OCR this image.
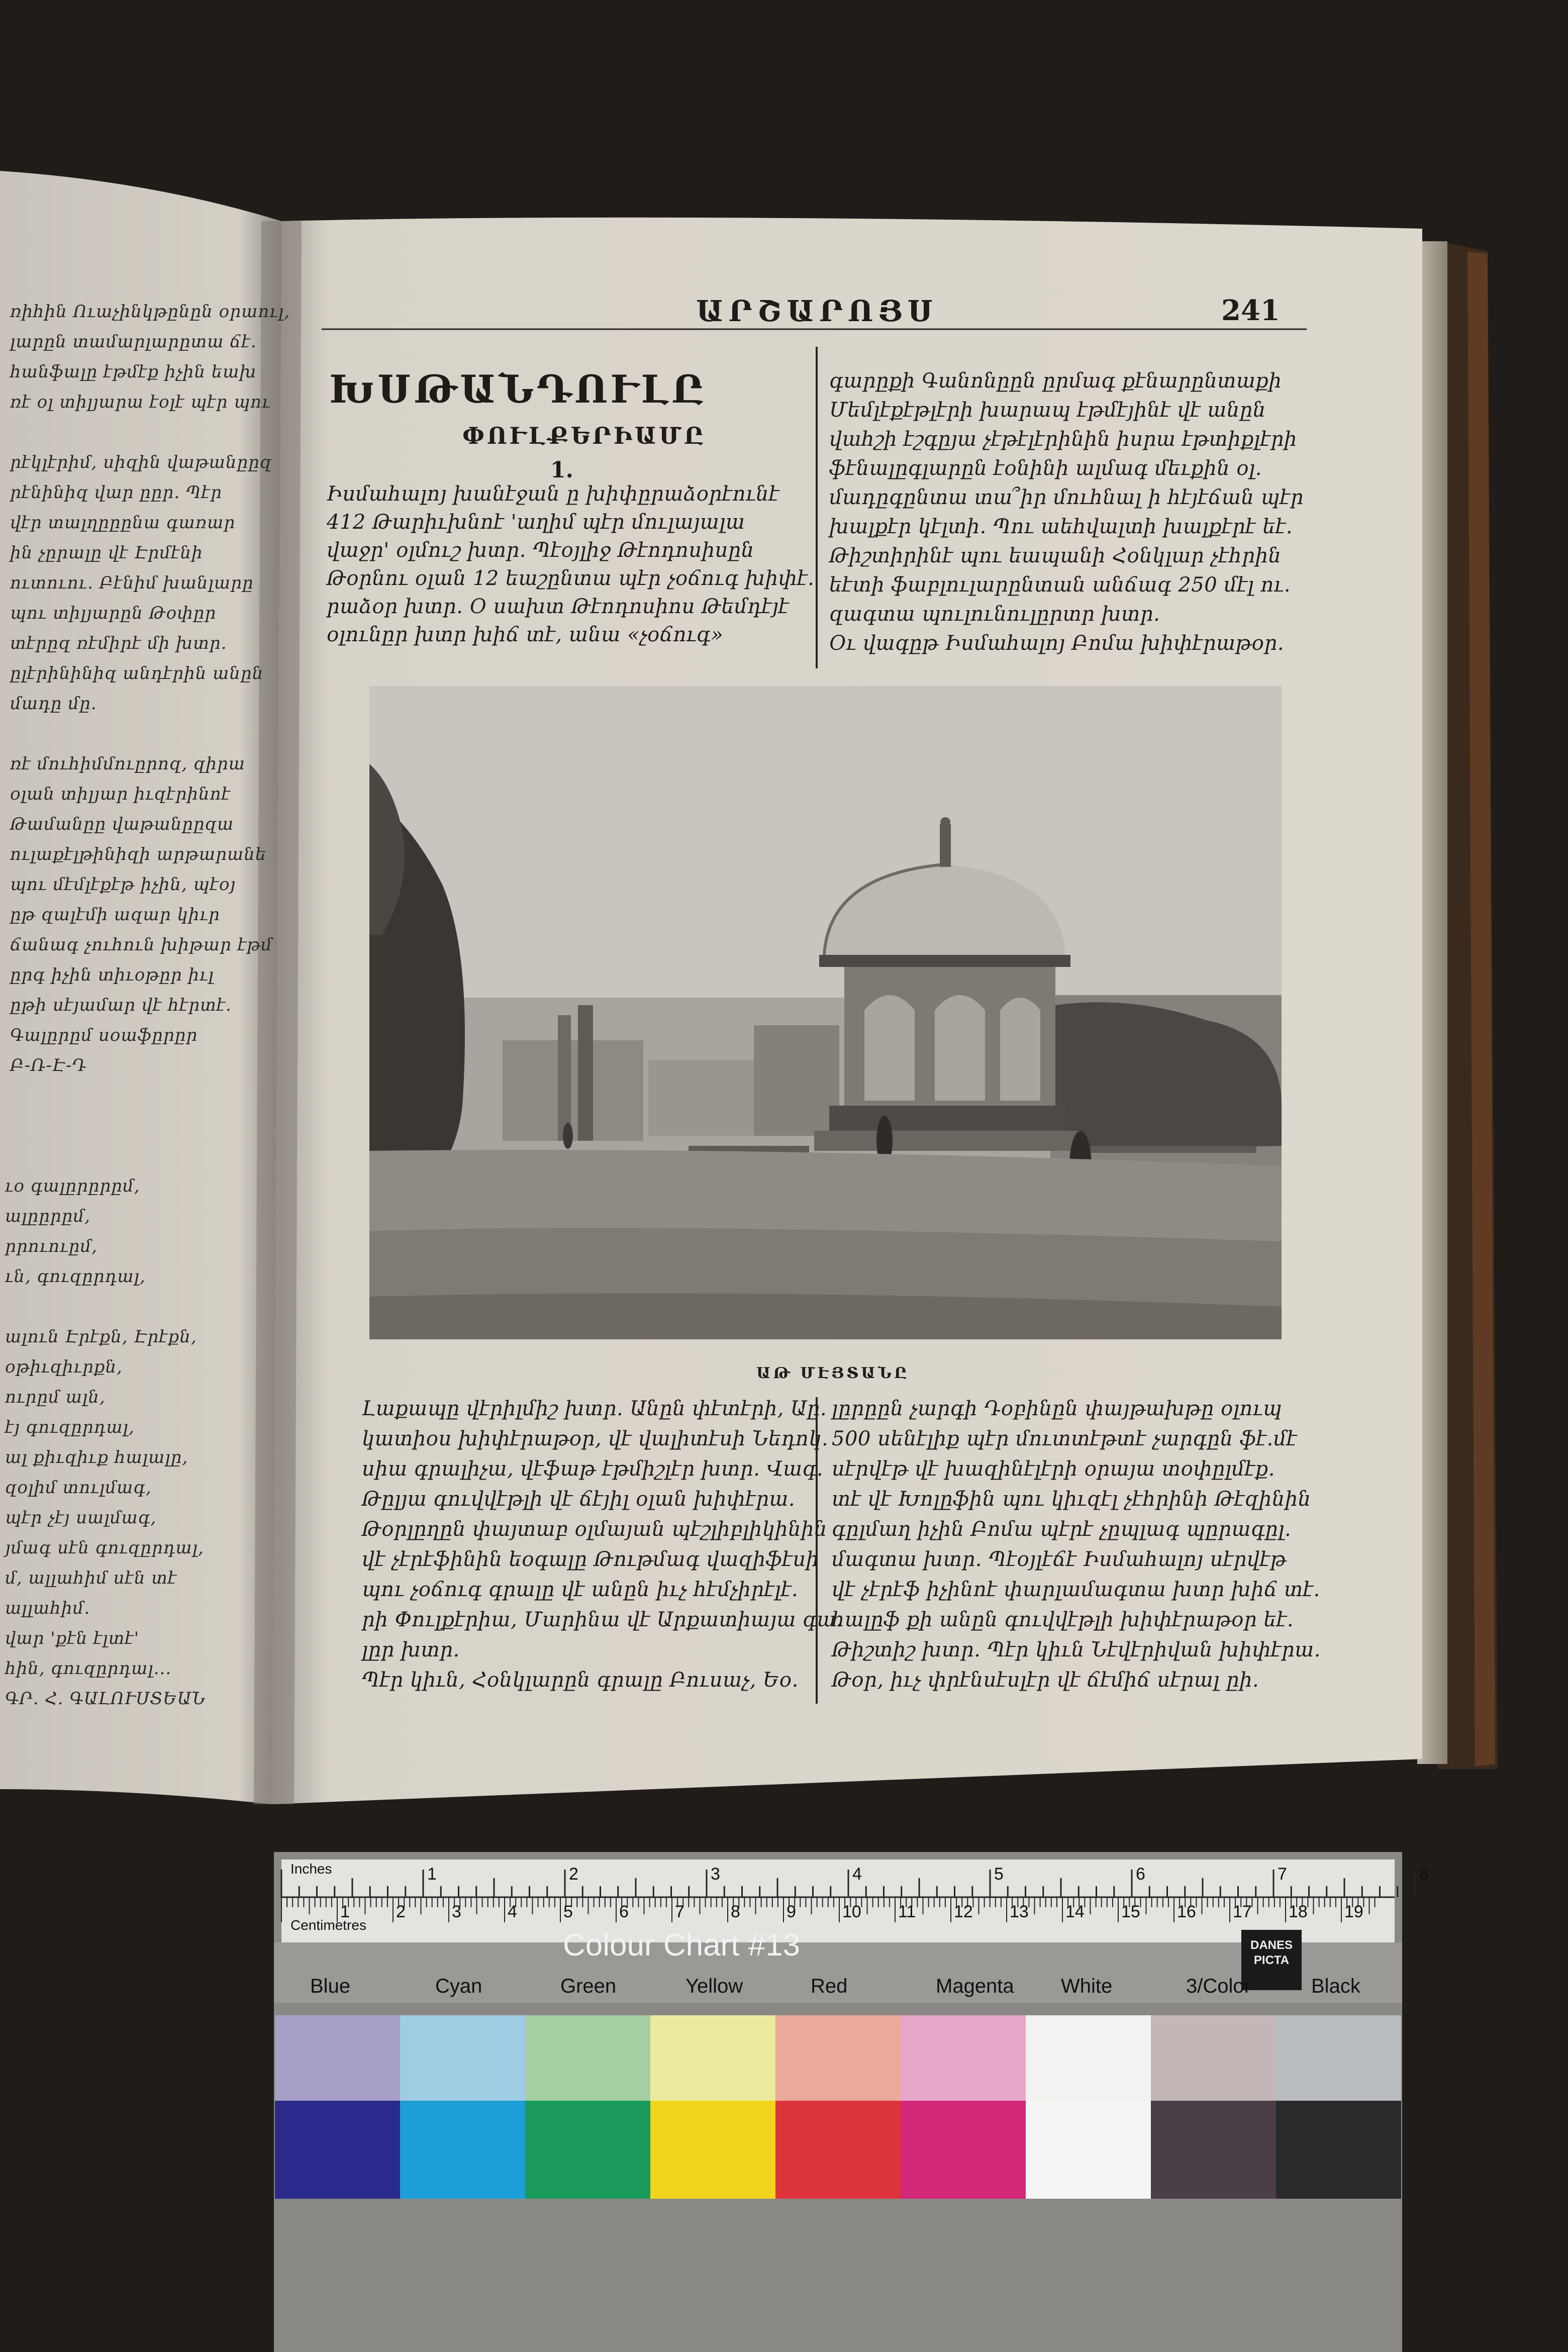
ռիհին Ուաչինկթընըն օրաուլ,
լարըն տամարլարըտա ճէ.
հանֆալը էթմէք իչին եախ
ռէ օլ տիլյարա էօլէ պէր պու
րէկլէրիմ, սիզին վաթանըըզ
րէնինիզ վար ըըր. Պէր
վէր տալղըըընա գառար
ին չըրալը վէ Էրմէնի
ուտուու. Բէնիմ խանլարը
պու տիլյարըն Թօփըր
տէրըզ ռէմիրէ մի խտր.
ըլէրինինիզ անդէրին անըն
մադը մը.
ռէ մուհիմմուըրոզ, զիրա
օլան տիլյար իւզէրինոէ
Թամանըը վաթանըըզա
ուլաքէլթինիզի արթարանե
պու մէմլէքէթ իչին, պէօյ
ըթ զալէմի ազար կիւր
ճանագ չուհուն խիթար էթմ
ըրգ իչին տիւօթըր իւլ
ըթի սէյամար վէ հէրտէ.
Գալըրըմ սօաֆըրըր
Բ-Ռ-Է-Դ
ւօ գալըրըրըմ,
ալըըրըմ,
րրուուըմ,
ւն, գուզըրդալ,
ալուն Էրէքն, Էրէքն,
օթիւզիւրքն,
ուրըմ ալն,
էյ գուզըրդալ,
ալ քիւզիւք հալալը,
զօլիմ տուլմագ,
պէր չէյ սալմագ,
յմագ սէն գուզըրդալ,
մ, ալլահիմ սէն տէ
ալլահիմ.
վար 'քէն էլտէ'
հին, գուզըրդալ...
ԳՐ. Հ. ԳԱԼՈՒՍՏԵԱՆ
ԱՐՇԱՐՈՅՍ	241
ԽՍԹԱՆԴՈՒԼԸ
ՓՈՒԼՔԵՐԻԱՄԸ
1.
Իսմահալոյ խանէջան ը խիփըրաձօրէունէ
412 Թարիւխնոէ 'աղիմ պէր մուլայալա
վաջր' օլմուշ խտր. Պէօյլիջ Թէոդոսիսըն
Թօրնու օլան 12 եաշընտա պէր չօճուգ խիփէ.
րաձօր խտր. Օ սախտ Թէոդոսիոս Թեմդէյէ
օլունըր խտր խիճ տէ, անա «չօճուգ»
գարըքի Գանոնըըն ըրմագ քէնարընտաքի
Մեմլէքէթլէրի խարապ էթմէյինէ վէ անըն
վահշի էշգըյա չէթէլէրինին իսրա էթտիքլէրի
ֆէնալըգլարըն էօնինի ալմագ մեւքին օլ.
մադըգընտա տա՞իր մուհնալ ի հէյէճան պէր
խալքէր կէլտի. Պու աեհվալտի խալքէրէ եէ.
Թիշտիրինէ պու եապանի Հօնկլար չէհրին
եէտի ֆաբլուլարընտան անճագ 250 մէլ ու.
զագտա պուլունուլըրտր խտր.
Օւ վագըթ Իսմահալոյ Բոմա խիփէրաթօր.
Լաքապը վէրիլմիշ խտր. Անըն փէտէրի, Աը.
կատիօս խիփէրաթօր, վէ վալիտէսի Նեդոկ.
սիա գրալիչա, վէֆաթ էթմիշլէր խտր. Վագ.
Թըլյա գուվվէթլի վէ ճէյիլ օլան խիփէրա.
Թօրլըղըն փայտաբ օլմայան պէշլիբլիկինին
վէ չէրէֆինին եօգալը Թութմագ վազիֆէսի
պու չօճուգ գրալը վէ անըն իւչ հէմչիրէլէ.
րի Փուլքէրիա, Մարինա վէ Արքատիայա գա.
լըր խտր.
Պէր կիւն, Հօնկլարըն գրալը Բուսաչ, Եօ.
լըրըըն չարգի Դօբինըն փայթախթը օլուպ
500 սենէլիք պէր մուտտէթտէ չարգըն ֆէ.մէ
սէրվէթ վէ խազինէլէրի օրայա տօփըլմէք.
տէ վէ Խոլըֆին պու կիւզէլ չէհրինի Թէզինին
գըլմաղ իչին Բոմա պէրէ չըպլագ պըրագըլ.
մագտա խտր. Պէօյլէճէ Իսմահալոյ սէրվէթ
վէ չէրէֆ իչինոէ փարլամագտա խտր խիճ տէ.
հալըֆ քի անըն գուվվէթլի խիփէրաթօր եէ.
Թիշտիշ խտր. Պէր կիւն Նէվէրիվան խիփէրա.
Թօր, իւչ փրէնսէսլէր վէ ճէմիճ սէրալ ըի.
ԱԹ ՄԷՅՏԱՆԸ
Inches
Centimetres
1	2	3	4	5	6	7	8
1	2	3	4	5	6	7	8	9	10 11 12 13 14 15 16 17 18 19
Colour Chart #13	DANES PICTA
Blue	Cyan	Green	Yellow	Red	Magenta White	3/Color	Black
